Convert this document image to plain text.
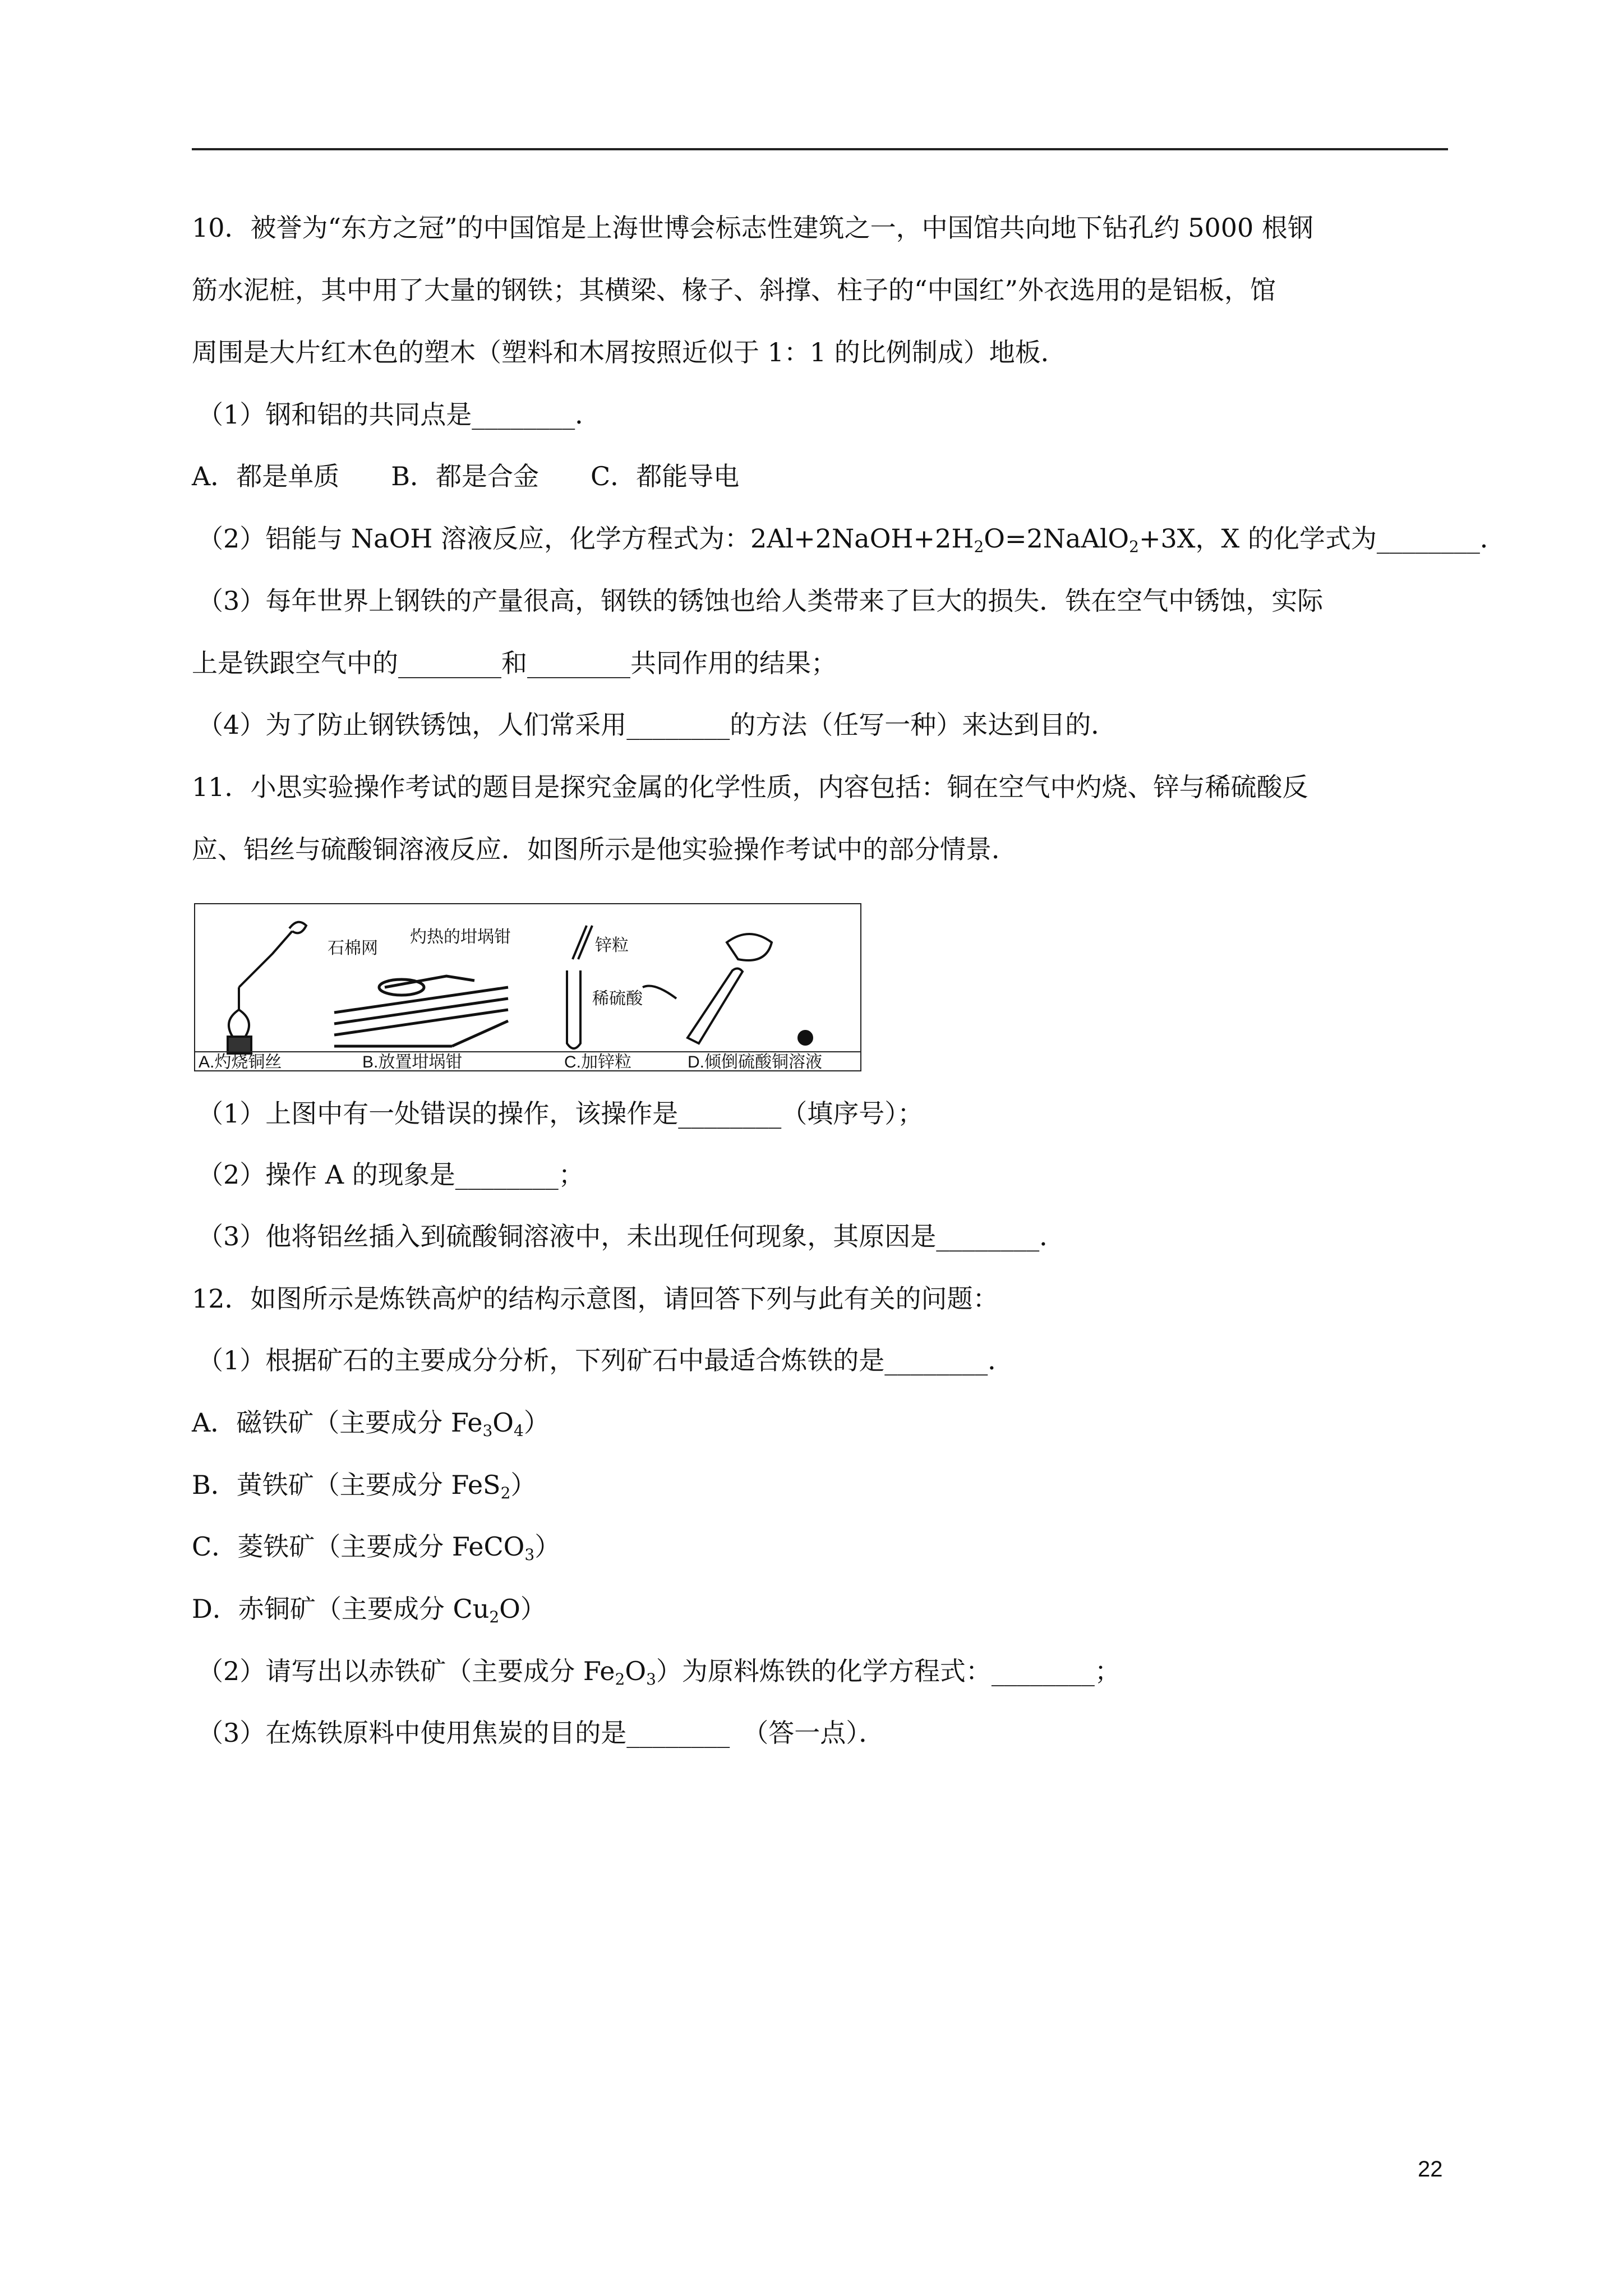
10．被誉为“东方之冠”的中国馆是上海世博会标志性建筑之一，中国馆共向地下钻孔约 5000 根钢
筋水泥桩，其中用了大量的钢铁；其横梁、椽子、斜撑、柱子的“中国红”外衣选用的是铝板，馆
周围是大片红木色的塑木（塑料和木屑按照近似于 1：1 的比例制成）地板．
（1）钢和铝的共同点是________．
A．都是单质　　B．都是合金　　C．都能导电
（2）铝能与 NaOH 溶液反应，化学方程式为：$2Al+2NaOH+2H_2O=2NaAlO_2+3X$，X 的化学式为________．
（3）每年世界上钢铁的产量很高，钢铁的锈蚀也给人类带来了巨大的损失．铁在空气中锈蚀，实际
上是铁跟空气中的________和________共同作用的结果；
（4）为了防止钢铁锈蚀，人们常采用________的方法（任写一种）来达到目的．
11．小思实验操作考试的题目是探究金属的化学性质，内容包括：铜在空气中灼烧、锌与稀硫酸反
应、铝丝与硫酸铜溶液反应．如图所示是他实验操作考试中的部分情景．
石棉网
灼热的坩埚钳	锌粒
稀硫酸
A.灼烧铜丝	B.放置坩埚钳	C.加锌粒	D.倾倒硫酸铜溶液
（1）上图中有一处错误的操作，该操作是________（填序号）；
（2）操作 A 的现象是________；
（3）他将铝丝插入到硫酸铜溶液中，未出现任何现象，其原因是________．
12．如图所示是炼铁高炉的结构示意图，请回答下列与此有关的问题：
（1）根据矿石的主要成分分析，下列矿石中最适合炼铁的是________．
A．磁铁矿（主要成分 $Fe_3O_4$）
B．黄铁矿（主要成分 FeS$_2$）
C．菱铁矿（主要成分 FeCO$_3$）
D．赤铜矿（主要成分 $Cu_2O$）
（2）请写出以赤铁矿（主要成分 $Fe_2O_3$）为原料炼铁的化学方程式：________；
（3）在炼铁原料中使用焦炭的目的是________　（答一点）．
22
